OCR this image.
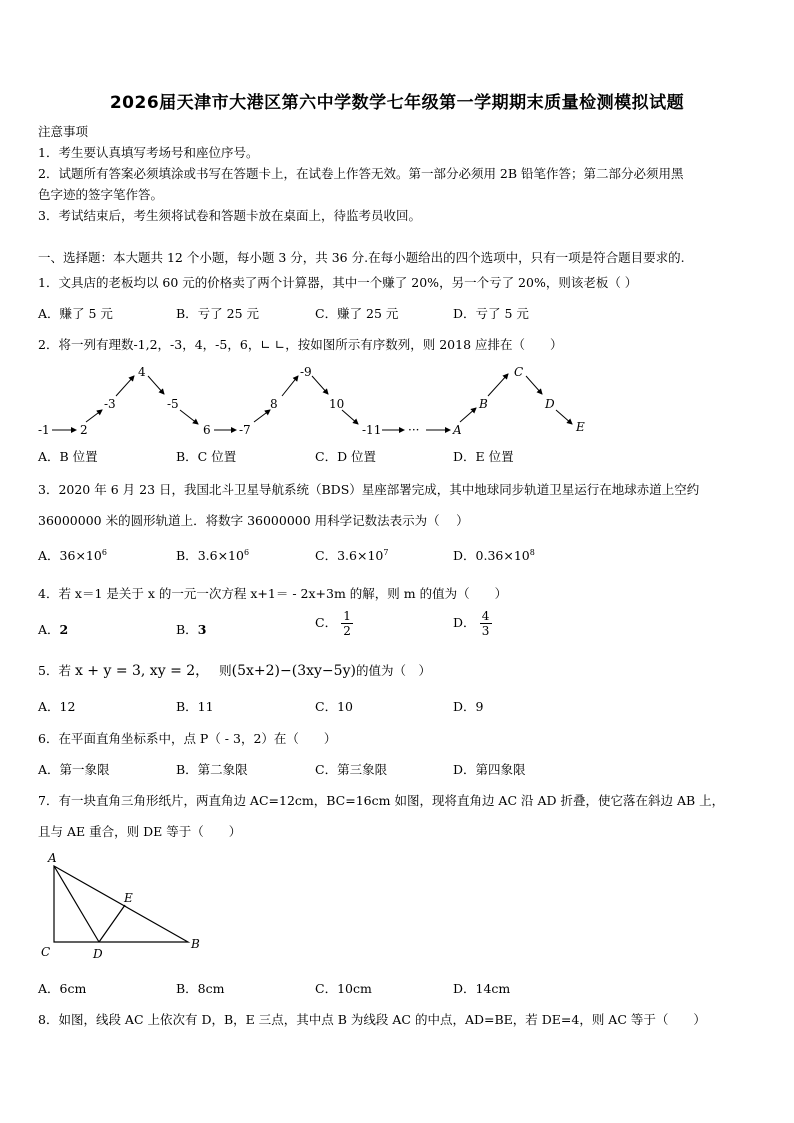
2026届天津市大港区第六中学数学七年级第一学期期末质量检测模拟试题
注意事项
1．考生要认真填写考场号和座位序号。
2．试题所有答案必须填涂或书写在答题卡上，在试卷上作答无效。第一部分必须用 2B 铅笔作答；第二部分必须用黑
色字迹的签字笔作答。
3．考试结束后，考生须将试卷和答题卡放在桌面上，待监考员收回。
一、选择题：本大题共 12 个小题，每小题 3 分，共 36 分.在每小题给出的四个选项中，只有一项是符合题目要求的.
1．文具店的老板均以 60 元的价格卖了两个计算器，其中一个赚了 20%，另一个亏了 20%，则该老板（ ）
A．赚了 5 元	B．亏了 25 元	C．赚了 25 元	D．亏了 5 元
2．将一列有理数-1,2，-3，4，-5，6，∟ ∟，按如图所示有序数列，则 2018 应排在（　　）
-1	2
-3
4
-5
6 -7
8
-9
10
-11 ···	A
B
C
D
E
A．B 位置	B．C 位置	C．D 位置	D．E 位置
3．2020 年 6 月 23 日，我国北斗卫星导航系统（BDS）星座部署完成，其中地球同步轨道卫星运行在地球赤道上空约
36000000 米的圆形轨道上．将数字 36000000 用科学记数法表示为（　 ）
A．$36\times 10^6$	B．$3.6\times 10^6$	C．$3.6\times 10^7$	D．$0.36\times 10^8$
4．若 x＝1 是关于 x 的一元一次方程 x+1＝ - 2x+3m 的解，则 m 的值为（　　）
A．2	B．3	C． $\frac{1}{2}$	D． $\frac{4}{3}$
5．若 x + y = 3, xy = 2， 则(5x+2)−(3xy−5y)的值为（　）
A．12	B．11	C．10	D．9
6．在平面直角坐标系中，点 P（ - 3，2）在（　　）
A．第一象限	B．第二象限	C．第三象限	D．第四象限
7．有一块直角三角形纸片，两直角边 AC=12cm，BC=16cm 如图，现将直角边 AC 沿 AD 折叠，使它落在斜边 AB 上，
且与 AE 重合，则 DE 等于（　　）
A
E
C	D
B
A．6cm	B．8cm	C．10cm	D．14cm
8．如图，线段 AC 上依次有 D，B，E 三点，其中点 B 为线段 AC 的中点，AD=BE，若 DE=4，则 AC 等于（　　）
